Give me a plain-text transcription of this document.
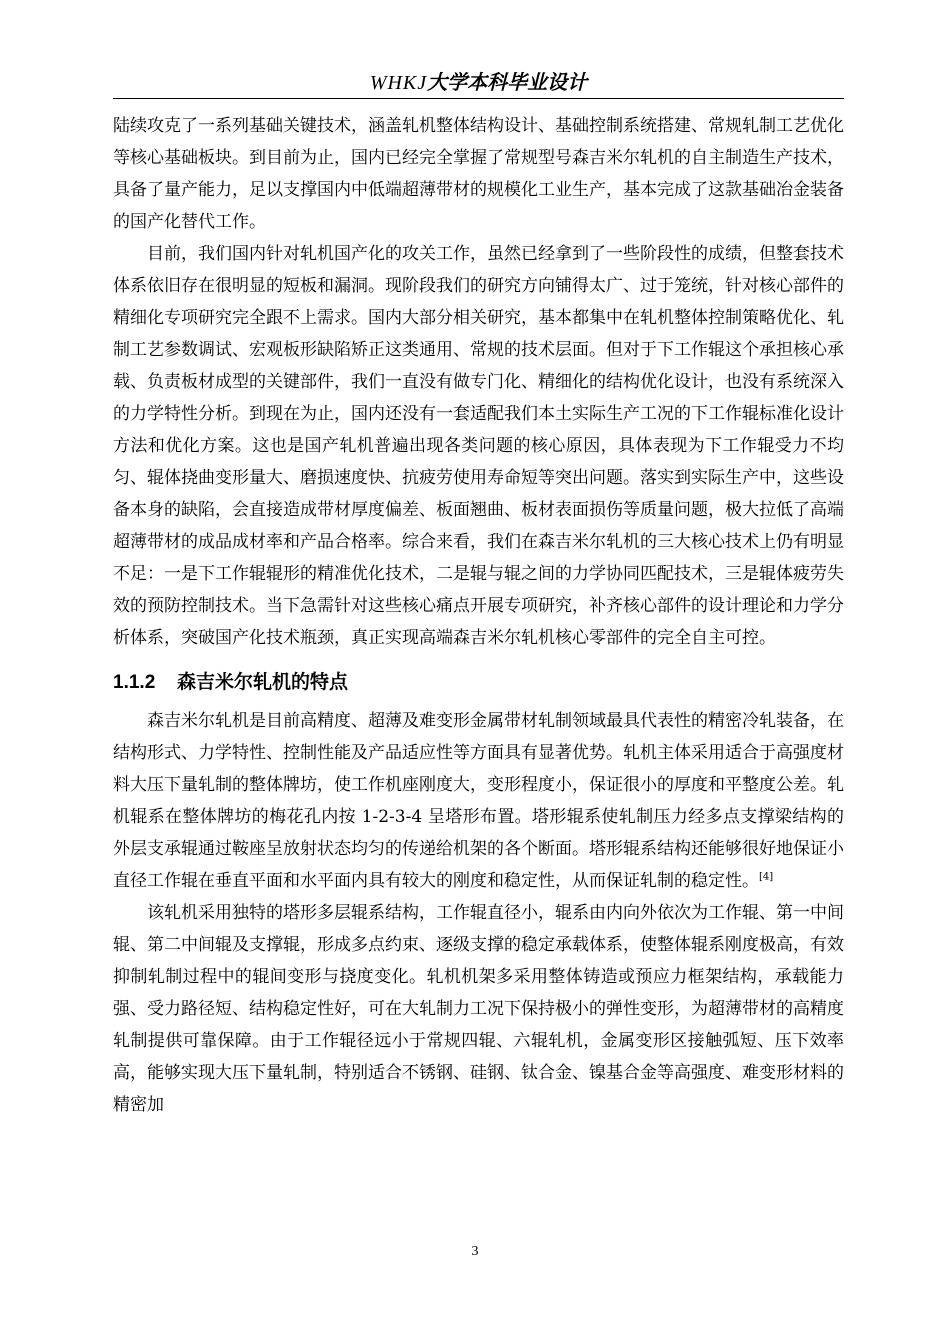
WHKJ大学本科毕业设计

陆续攻克了一系列基础关键技术，涵盖轧机整体结构设计、基础控制系统搭建、常规轧制工艺优化等核心基础板块。到目前为止，国内已经完全掌握了常规型号森吉米尔轧机的自主制造生产技术，具备了量产能力，足以支撑国内中低端超薄带材的规模化工业生产，基本完成了这款基础冶金装备的国产化替代工作。

目前，我们国内针对轧机国产化的攻关工作，虽然已经拿到了一些阶段性的成绩，但整套技术体系依旧存在很明显的短板和漏洞。现阶段我们的研究方向铺得太广、过于笼统，针对核心部件的精细化专项研究完全跟不上需求。国内大部分相关研究，基本都集中在轧机整体控制策略优化、轧制工艺参数调试、宏观板形缺陷矫正这类通用、常规的技术层面。但对于下工作辊这个承担核心承载、负责板材成型的关键部件，我们一直没有做专门化、精细化的结构优化设计，也没有系统深入的力学特性分析。到现在为止，国内还没有一套适配我们本土实际生产工况的下工作辊标准化设计方法和优化方案。这也是国产轧机普遍出现各类问题的核心原因，具体表现为下工作辊受力不均匀、辊体挠曲变形量大、磨损速度快、抗疲劳使用寿命短等突出问题。落实到实际生产中，这些设备本身的缺陷，会直接造成带材厚度偏差、板面翘曲、板材表面损伤等质量问题，极大拉低了高端超薄带材的成品成材率和产品合格率。综合来看，我们在森吉米尔轧机的三大核心技术上仍有明显不足：一是下工作辊辊形的精准优化技术，二是辊与辊之间的力学协同匹配技术，三是辊体疲劳失效的预防控制技术。当下急需针对这些核心痛点开展专项研究，补齐核心部件的设计理论和力学分析体系，突破国产化技术瓶颈，真正实现高端森吉米尔轧机核心零部件的完全自主可控。

1.1.2 森吉米尔轧机的特点

森吉米尔轧机是目前高精度、超薄及难变形金属带材轧制领域最具代表性的精密冷轧装备，在结构形式、力学特性、控制性能及产品适应性等方面具有显著优势。轧机主体采用适合于高强度材料大压下量轧制的整体牌坊，使工作机座刚度大，变形程度小，保证很小的厚度和平整度公差。轧机辊系在整体牌坊的梅花孔内按 1-2-3-4 呈塔形布置。塔形辊系使轧制压力经多点支撑梁结构的外层支承辊通过鞍座呈放射状态均匀的传递给机架的各个断面。塔形辊系结构还能够很好地保证小直径工作辊在垂直平面和水平面内具有较大的刚度和稳定性，从而保证轧制的稳定性。[4]

该轧机采用独特的塔形多层辊系结构，工作辊直径小，辊系由内向外依次为工作辊、第一中间辊、第二中间辊及支撑辊，形成多点约束、逐级支撑的稳定承载体系，使整体辊系刚度极高，有效抑制轧制过程中的辊间变形与挠度变化。轧机机架多采用整体铸造或预应力框架结构，承载能力强、受力路径短、结构稳定性好，可在大轧制力工况下保持极小的弹性变形，为超薄带材的高精度轧制提供可靠保障。由于工作辊径远小于常规四辊、六辊轧机，金属变形区接触弧短、压下效率高，能够实现大压下量轧制，特别适合不锈钢、硅钢、钛合金、镍基合金等高强度、难变形材料的精密加

3
